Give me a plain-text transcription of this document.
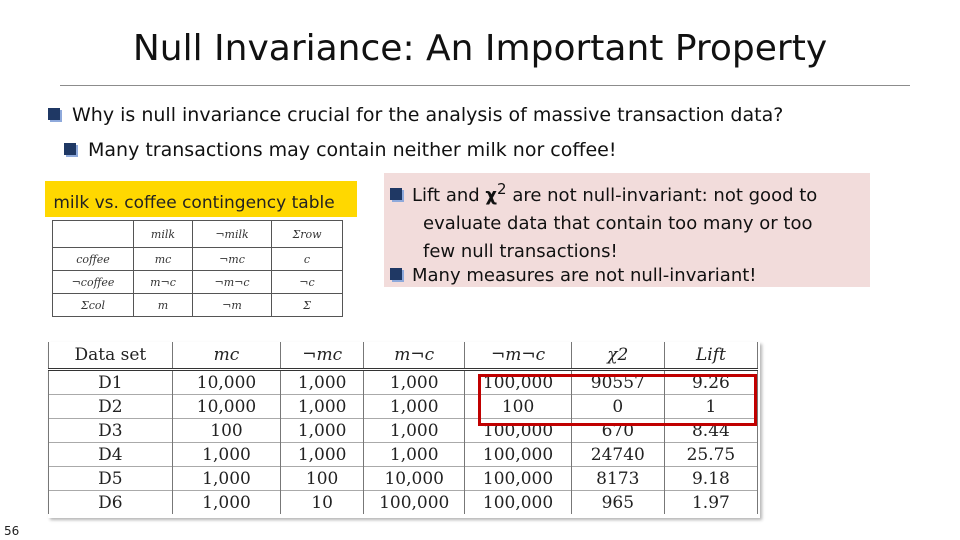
Null Invariance: An Important Property
Why is null invariance crucial for the analysis of massive transaction data?
Many transactions may contain neither milk nor coffee!
	milk	¬milk	Σrow
coffee	mc	¬mc	c
¬coffee	m¬c	¬m¬c	¬c
Σcol	m	¬m	Σ
milk vs. coffee contingency table	Lift and $\chi^2$ are not null-invariant: not good to
evaluate data that contain too many or too
few null transactions!
Many measures are not null-invariant!
Data set	mc	¬mc	m¬c	¬m¬c	χ2	Lift
D1	10,000	1,000	1,000	100,000	90557	9.26
D2	10,000	1,000	1,000	100	0	1
D3	100	1,000	1,000	100,000	670	8.44
D4	1,000	1,000	1,000	100,000	24740	25.75
D5	1,000	100	10,000	100,000	8173	9.18
D6	1,000	10	100,000	100,000	965	1.97
56
